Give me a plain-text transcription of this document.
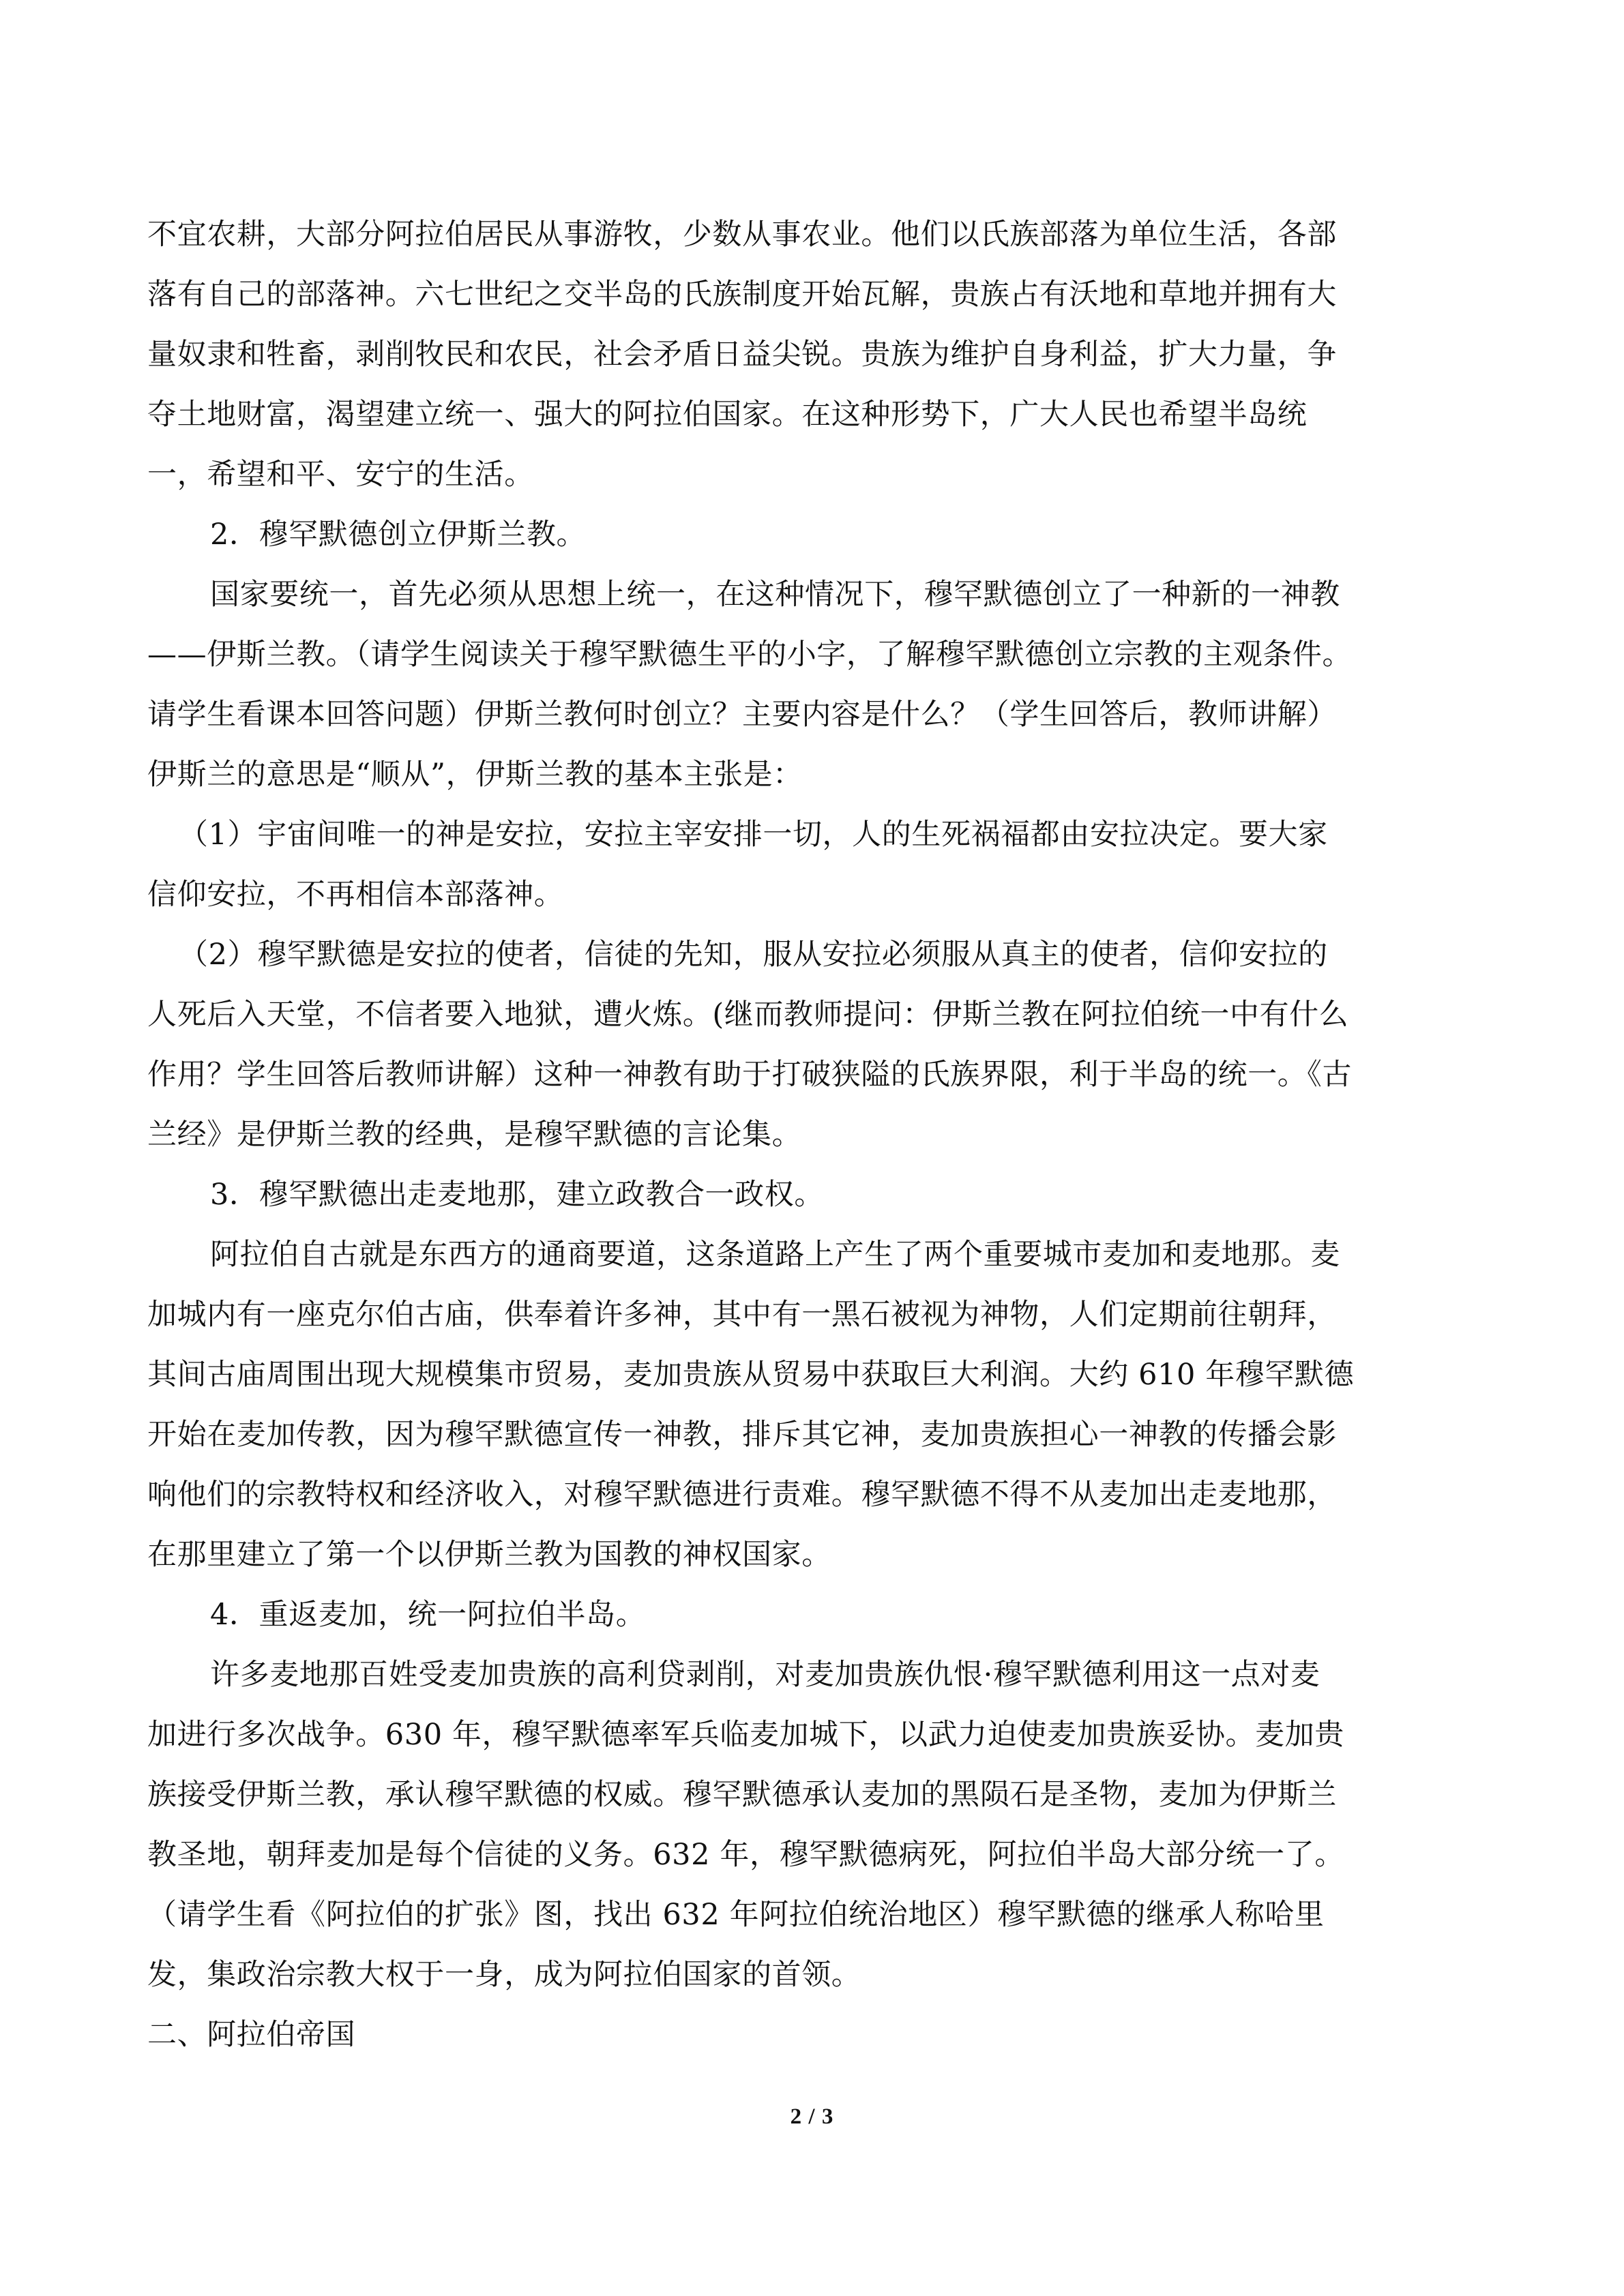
不宜农耕，大部分阿拉伯居民从事游牧，少数从事农业。他们以氏族部落为单位生活，各部
落有自己的部落神。六七世纪之交半岛的氏族制度开始瓦解，贵族占有沃地和草地并拥有大
量奴隶和牲畜，剥削牧民和农民，社会矛盾日益尖锐。贵族为维护自身利益，扩大力量，争
夺土地财富，渴望建立统一、强大的阿拉伯国家。在这种形势下，广大人民也希望半岛统
一，希望和平、安宁的生活。
2．穆罕默德创立伊斯兰教。
国家要统一，首先必须从思想上统一，在这种情况下，穆罕默德创立了一种新的一神教
——伊斯兰教。（请学生阅读关于穆罕默德生平的小字，了解穆罕默德创立宗教的主观条件。
请学生看课本回答问题）伊斯兰教何时创立？主要内容是什么？（学生回答后，教师讲解）
伊斯兰的意思是“顺从”，伊斯兰教的基本主张是：
（1）宇宙间唯一的神是安拉，安拉主宰安排一切，人的生死祸福都由安拉决定。要大家
信仰安拉，不再相信本部落神。
（2）穆罕默德是安拉的使者，信徒的先知，服从安拉必须服从真主的使者，信仰安拉的
人死后入天堂，不信者要入地狱，遭火炼。(继而教师提问：伊斯兰教在阿拉伯统一中有什么
作用？学生回答后教师讲解）这种一神教有助于打破狭隘的氏族界限，利于半岛的统一。《古
兰经》是伊斯兰教的经典，是穆罕默德的言论集。
3．穆罕默德出走麦地那，建立政教合一政权。
阿拉伯自古就是东西方的通商要道，这条道路上产生了两个重要城市麦加和麦地那。麦
加城内有一座克尔伯古庙，供奉着许多神，其中有一黑石被视为神物，人们定期前往朝拜，
其间古庙周围出现大规模集市贸易，麦加贵族从贸易中获取巨大利润。大约 610 年穆罕默德
开始在麦加传教，因为穆罕默德宣传一神教，排斥其它神，麦加贵族担心一神教的传播会影
响他们的宗教特权和经济收入，对穆罕默德进行责难。穆罕默德不得不从麦加出走麦地那，
在那里建立了第一个以伊斯兰教为国教的神权国家。
4．重返麦加，统一阿拉伯半岛。
许多麦地那百姓受麦加贵族的高利贷剥削，对麦加贵族仇恨·穆罕默德利用这一点对麦
加进行多次战争。630 年，穆罕默德率军兵临麦加城下，以武力迫使麦加贵族妥协。麦加贵
族接受伊斯兰教，承认穆罕默德的权威。穆罕默德承认麦加的黑陨石是圣物，麦加为伊斯兰
教圣地，朝拜麦加是每个信徒的义务。632 年，穆罕默德病死，阿拉伯半岛大部分统一了。
（请学生看《阿拉伯的扩张》图，找出 632 年阿拉伯统治地区）穆罕默德的继承人称哈里
发，集政治宗教大权于一身，成为阿拉伯国家的首领。
二、阿拉伯帝国
2 / 3
